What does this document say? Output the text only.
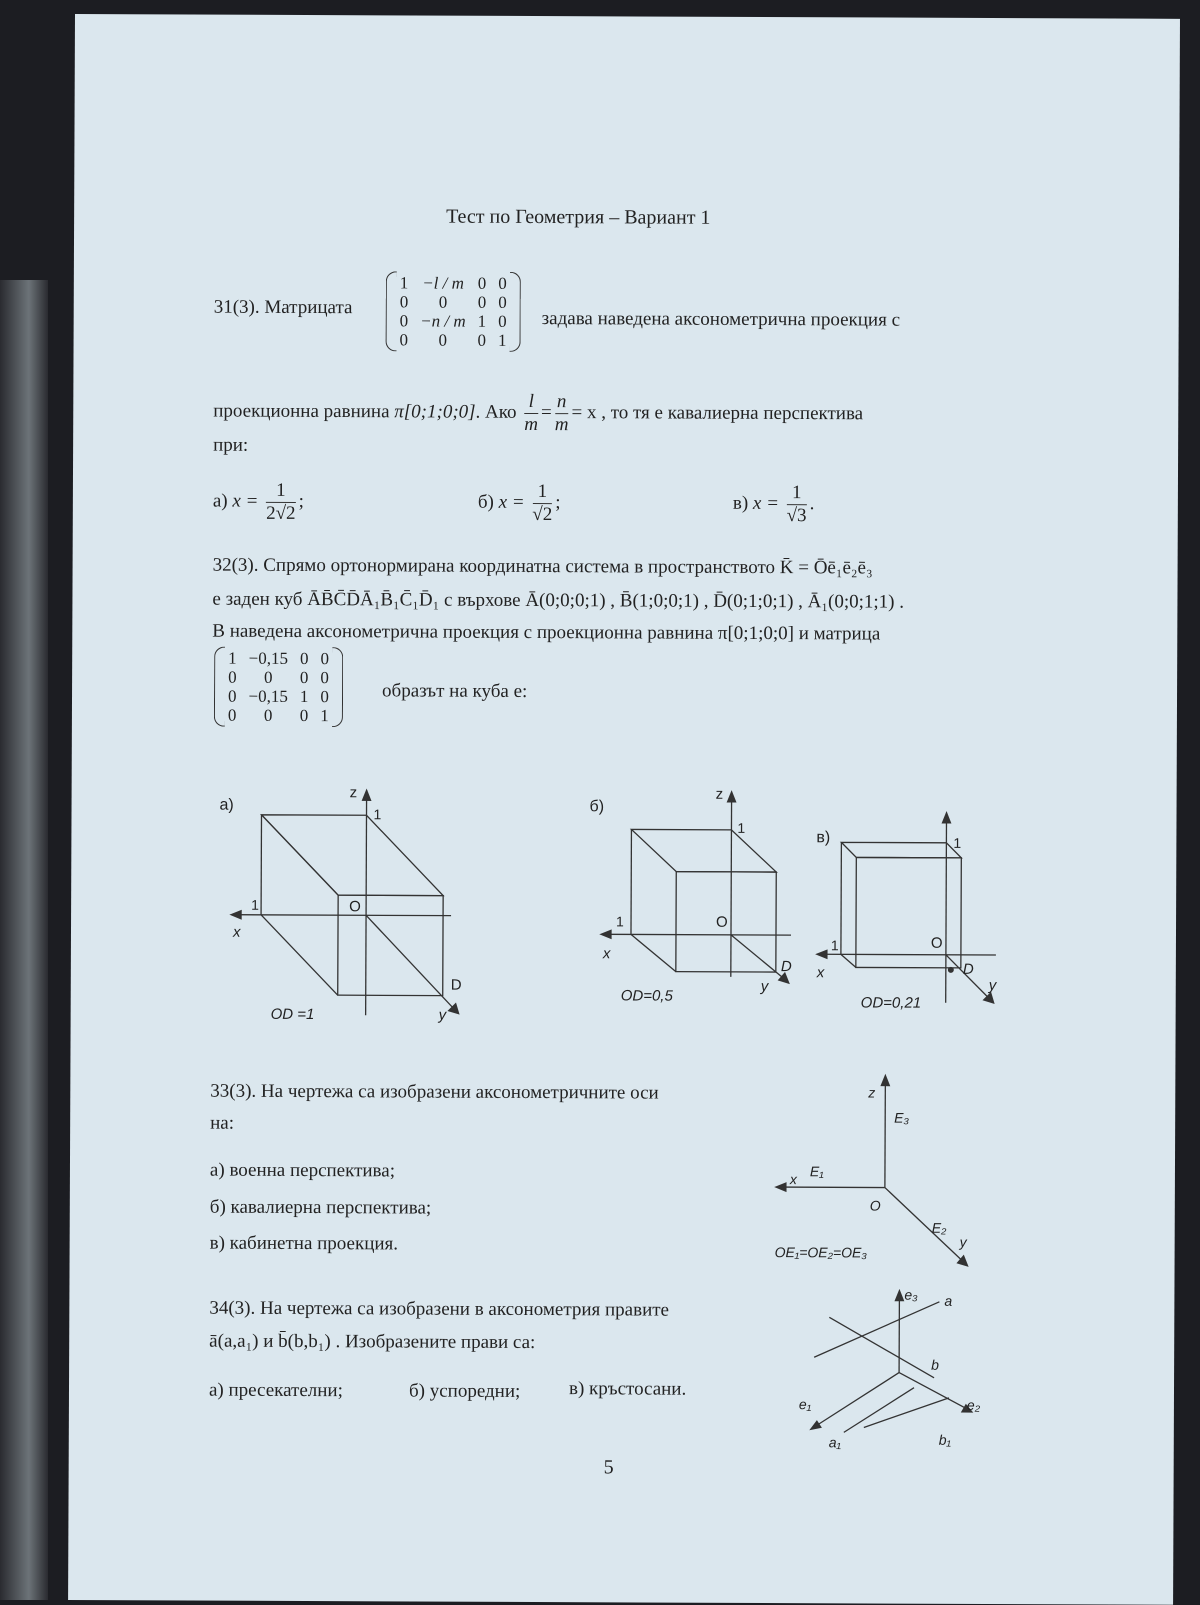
Тест по Геометрия – Вариант 1
31(3). Матрицата
1	−l / m	0	0
0	0	0	0
0	−n / m	1	0
0	0	0	1
задава наведена аксонометрична проекция с
проекционна равнина π[0;1;0;0]. Ако $\frac{l}{m} = \frac{n}{m} = x$ , то тя е кавалиерна перспектива
при:
а) $x = \frac{1}{2√2}$ ;	б) $x = \frac{1}{√2}$ ;	в) $x = \frac{1}{√3}$ .
32(3). Спрямо ортонормирана координатна система в пространството K̄ = Ōē₁ē₂ē₃
е заден куб ĀB̄C̄D̄Ā₁B̄₁C̄₁D̄₁ с върхове Ā(0;0;0;1) , B̄(1;0;0;1) , D̄(0;1;0;1) , Ā₁(0;0;1;1) .
В наведена аксонометрична проекция с проекционна равнина π[0;1;0;0] и матрица
1	−0,15	0	0
0	0	0	0
0	−0,15	1	0
0	0	0	1
образът на куба е:
а)
z
1
1
x
O
D
y
OD =1
б)
z
1
1
x
O
D
y
OD=0,5
в)	1
1
x
O
D
y
OD=0,21
33(3). На чертежа са изобразени аксонометричните оси
на:
а) военна перспектива;
б) кавалиерна перспектива;
в) кабинетна проекция.
z
E₃
x E₁
O
E₂
y
OE₁=OE₂=OE₃
34(3). На чертежа са изобразени в аксонометрия правите
ā(a,a₁) и b̄(b,b₁) . Изобразените прави са:
а) пресекателни;	б) успоредни;	в) кръстосани.
e₃ a
b
e₁	e₂
a₁	b₁
5
